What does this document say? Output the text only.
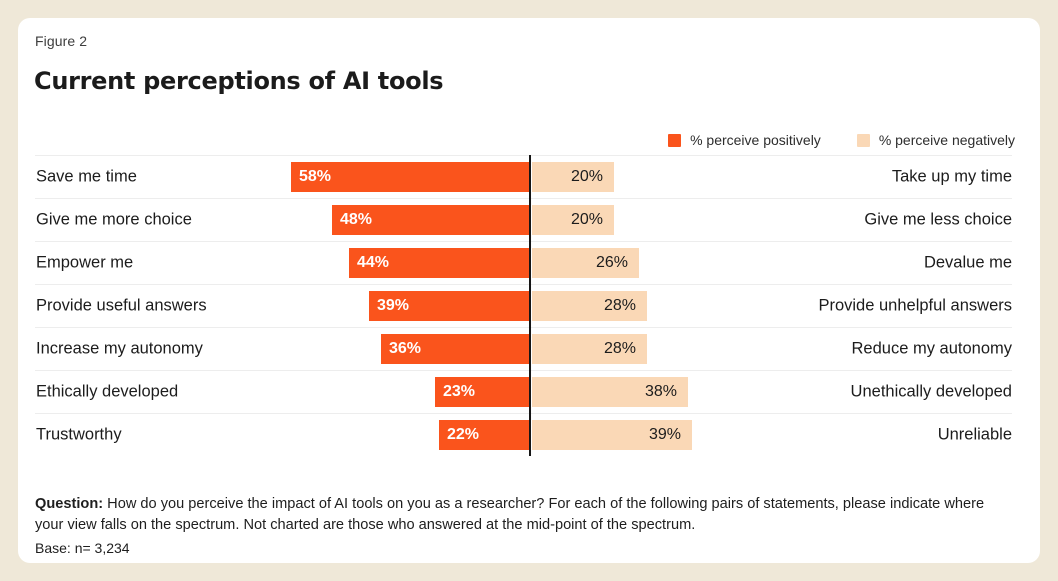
Figure 2
Current perceptions of AI tools
% perceive positively	% perceive negatively
Save me time	58%	20%	Take up my time
Give me more choice	48%	20%	Give me less choice
Empower me	44%	26%	Devalue me
Provide useful answers	39%	28%	Provide unhelpful answers
Increase my autonomy	36%	28%	Reduce my autonomy
Ethically developed	23%	38%	Unethically developed
Trustworthy	22%	39%	Unreliable

Question: How do you perceive the impact of AI tools on you as a researcher? For each of the following pairs of statements, please indicate where your view falls on the spectrum. Not charted are those who answered at the mid-point of the spectrum.

Base: n= 3,234
